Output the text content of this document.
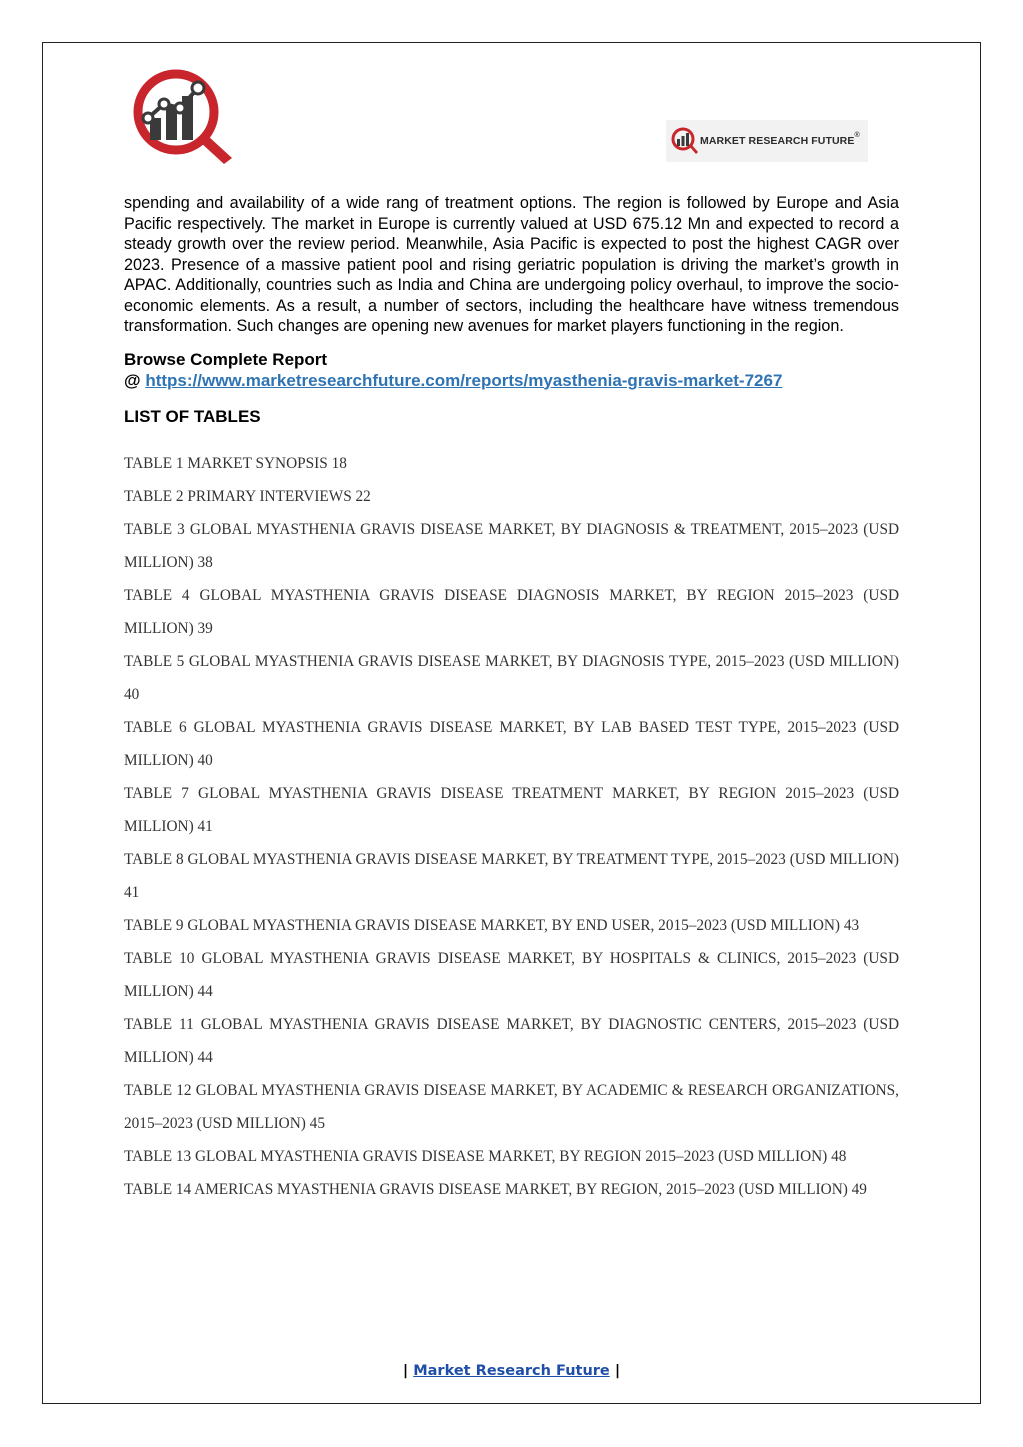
MARKET RESEARCH FUTURE ®

spending and availability of a wide rang of treatment options. The region is followed by Europe and Asia Pacific respectively. The market in Europe is currently valued at USD 675.12 Mn and expected to record a steady growth over the review period. Meanwhile, Asia Pacific is expected to post the highest CAGR over 2023. Presence of a massive patient pool and rising geriatric population is driving the market’s growth in APAC. Additionally, countries such as India and China are undergoing policy overhaul, to improve the socio-economic elements. As a result, a number of sectors, including the healthcare have witness tremendous transformation. Such changes are opening new avenues for market players functioning in the region.

Browse Complete Report
@ https://www.marketresearchfuture.com/reports/myasthenia-gravis-market-7267
LIST OF TABLES
TABLE 1 MARKET SYNOPSIS 18
TABLE 2 PRIMARY INTERVIEWS 22
TABLE 3 GLOBAL MYASTHENIA GRAVIS DISEASE MARKET, BY DIAGNOSIS & TREATMENT, 2015–2023 (USD MILLION) 38
TABLE 4 GLOBAL MYASTHENIA GRAVIS DISEASE DIAGNOSIS MARKET, BY REGION 2015–2023 (USD MILLION) 39
TABLE 5 GLOBAL MYASTHENIA GRAVIS DISEASE MARKET, BY DIAGNOSIS TYPE, 2015–2023 (USD MILLION) 40
TABLE 6 GLOBAL MYASTHENIA GRAVIS DISEASE MARKET, BY LAB BASED TEST TYPE, 2015–2023 (USD MILLION) 40
TABLE 7 GLOBAL MYASTHENIA GRAVIS DISEASE TREATMENT MARKET, BY REGION 2015–2023 (USD MILLION) 41
TABLE 8 GLOBAL MYASTHENIA GRAVIS DISEASE MARKET, BY TREATMENT TYPE, 2015–2023 (USD MILLION) 41
TABLE 9 GLOBAL MYASTHENIA GRAVIS DISEASE MARKET, BY END USER, 2015–2023 (USD MILLION) 43
TABLE 10 GLOBAL MYASTHENIA GRAVIS DISEASE MARKET, BY HOSPITALS & CLINICS, 2015–2023 (USD MILLION) 44
TABLE 11 GLOBAL MYASTHENIA GRAVIS DISEASE MARKET, BY DIAGNOSTIC CENTERS, 2015–2023 (USD MILLION) 44
TABLE 12 GLOBAL MYASTHENIA GRAVIS DISEASE MARKET, BY ACADEMIC & RESEARCH ORGANIZATIONS, 2015–2023 (USD MILLION) 45
TABLE 13 GLOBAL MYASTHENIA GRAVIS DISEASE MARKET, BY REGION 2015–2023 (USD MILLION) 48
TABLE 14 AMERICAS MYASTHENIA GRAVIS DISEASE MARKET, BY REGION, 2015–2023 (USD MILLION) 49
| Market Research Future |
